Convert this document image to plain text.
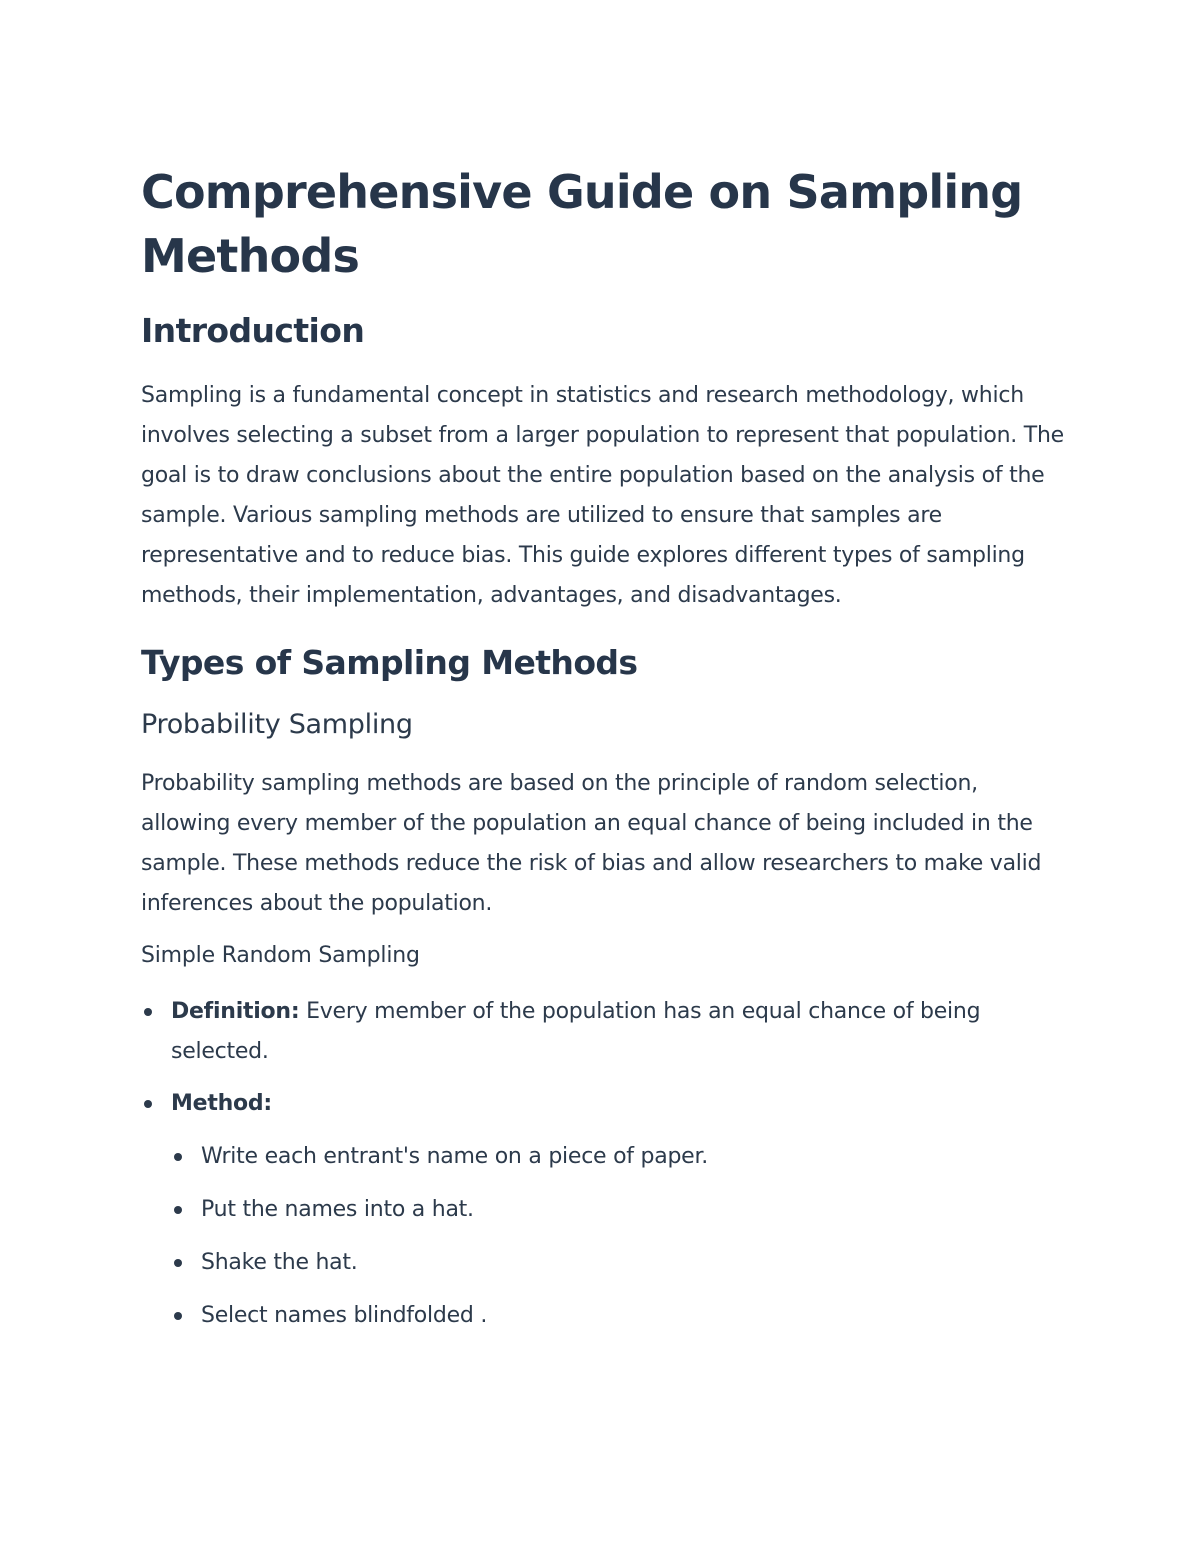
Comprehensive Guide on Sampling Methods
Introduction

Sampling is a fundamental concept in statistics and research methodology, which involves selecting a subset from a larger population to represent that population. The goal is to draw conclusions about the entire population based on the analysis of the sample. Various sampling methods are utilized to ensure that samples are representative and to reduce bias. This guide explores different types of sampling methods, their implementation, advantages, and disadvantages.

Types of Sampling Methods
Probability Sampling

Probability sampling methods are based on the principle of random selection, allowing every member of the population an equal chance of being included in the sample. These methods reduce the risk of bias and allow researchers to make valid inferences about the population.

Simple Random Sampling
Definition: Every member of the population has an equal chance of being selected.
Method:
Write each entrant's name on a piece of paper.
Put the names into a hat.
Shake the hat.
Select names blindfolded .
